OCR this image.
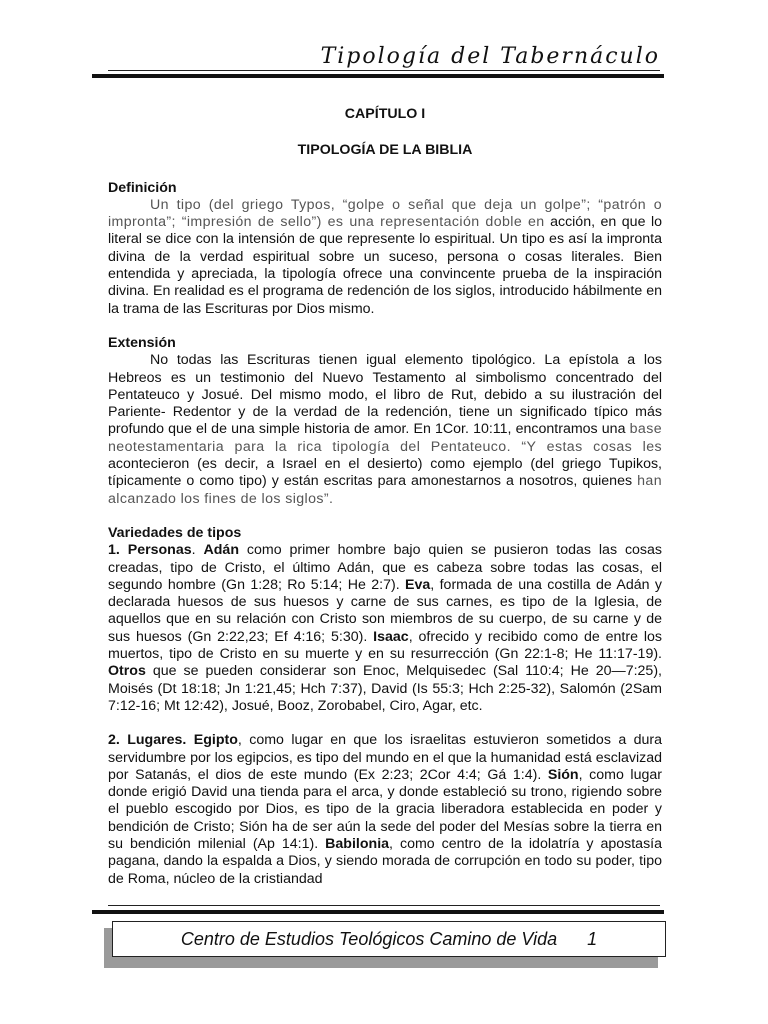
Tipología del Tabernáculo
CAPÍTULO I
TIPOLOGÍA DE LA BIBLIA
Definición

Un tipo (del griego Typos, “golpe o señal que deja un golpe”; “patrón o impronta”; “impresión de sello”) es una representación doble en acción, en que lo literal se dice con la intensión de que represente lo espiritual. Un tipo es así la impronta divina de la verdad espiritual sobre un suceso, persona o cosas literales. Bien entendida y apreciada, la tipología ofrece una convincente prueba de la inspiración divina. En realidad es el programa de redención de los siglos, introducido hábilmente en la trama de las Escrituras por Dios mismo.

Extensión

No todas las Escrituras tienen igual elemento tipológico. La epístola a los Hebreos es un testimonio del Nuevo Testamento al simbolismo concentrado del Pentateuco y Josué. Del mismo modo, el libro de Rut, debido a su ilustración del Pariente- Redentor y de la verdad de la redención, tiene un significado típico más profundo que el de una simple historia de amor. En 1Cor. 10:11, encontramos una base neotestamentaria para la rica tipología del Pentateuco. “Y estas cosas les acontecieron (es decir, a Israel en el desierto) como ejemplo (del griego Tupikos, típicamente o como tipo) y están escritas para amonestarnos a nosotros, quienes han alcanzado los fines de los siglos”.

Variedades de tipos

1. Personas. Adán como primer hombre bajo quien se pusieron todas las cosas creadas, tipo de Cristo, el último Adán, que es cabeza sobre todas las cosas, el segundo hombre (Gn 1:28; Ro 5:14; He 2:7). Eva, formada de una costilla de Adán y declarada huesos de sus huesos y carne de sus carnes, es tipo de la Iglesia, de aquellos que en su relación con Cristo son miembros de su cuerpo, de su carne y de sus huesos (Gn 2:22,23; Ef 4:16; 5:30). Isaac, ofrecido y recibido como de entre los muertos, tipo de Cristo en su muerte y en su resurrección (Gn 22:1-8; He 11:17-19). Otros que se pueden considerar son Enoc, Melquisedec (Sal 110:4; He 20—7:25), Moisés (Dt 18:18; Jn 1:21,45; Hch 7:37), David (Is 55:3; Hch 2:25-32), Salomón (2Sam 7:12-16; Mt 12:42), Josué, Booz, Zorobabel, Ciro, Agar, etc.

2. Lugares. Egipto, como lugar en que los israelitas estuvieron sometidos a dura servidumbre por los egipcios, es tipo del mundo en el que la humanidad está esclavizad por Satanás, el dios de este mundo (Ex 2:23; 2Cor 4:4; Gá 1:4). Sión, como lugar donde erigió David una tienda para el arca, y donde estableció su trono, rigiendo sobre el pueblo escogido por Dios, es tipo de la gracia liberadora establecida en poder y bendición de Cristo; Sión ha de ser aún la sede del poder del Mesías sobre la tierra en su bendición milenial (Ap 14:1). Babilonia, como centro de la idolatría y apostasía pagana, dando la espalda a Dios, y siendo morada de corrupción en todo su poder, tipo de Roma, núcleo de la cristiandad

Centro de Estudios Teológicos Camino de Vida 1
